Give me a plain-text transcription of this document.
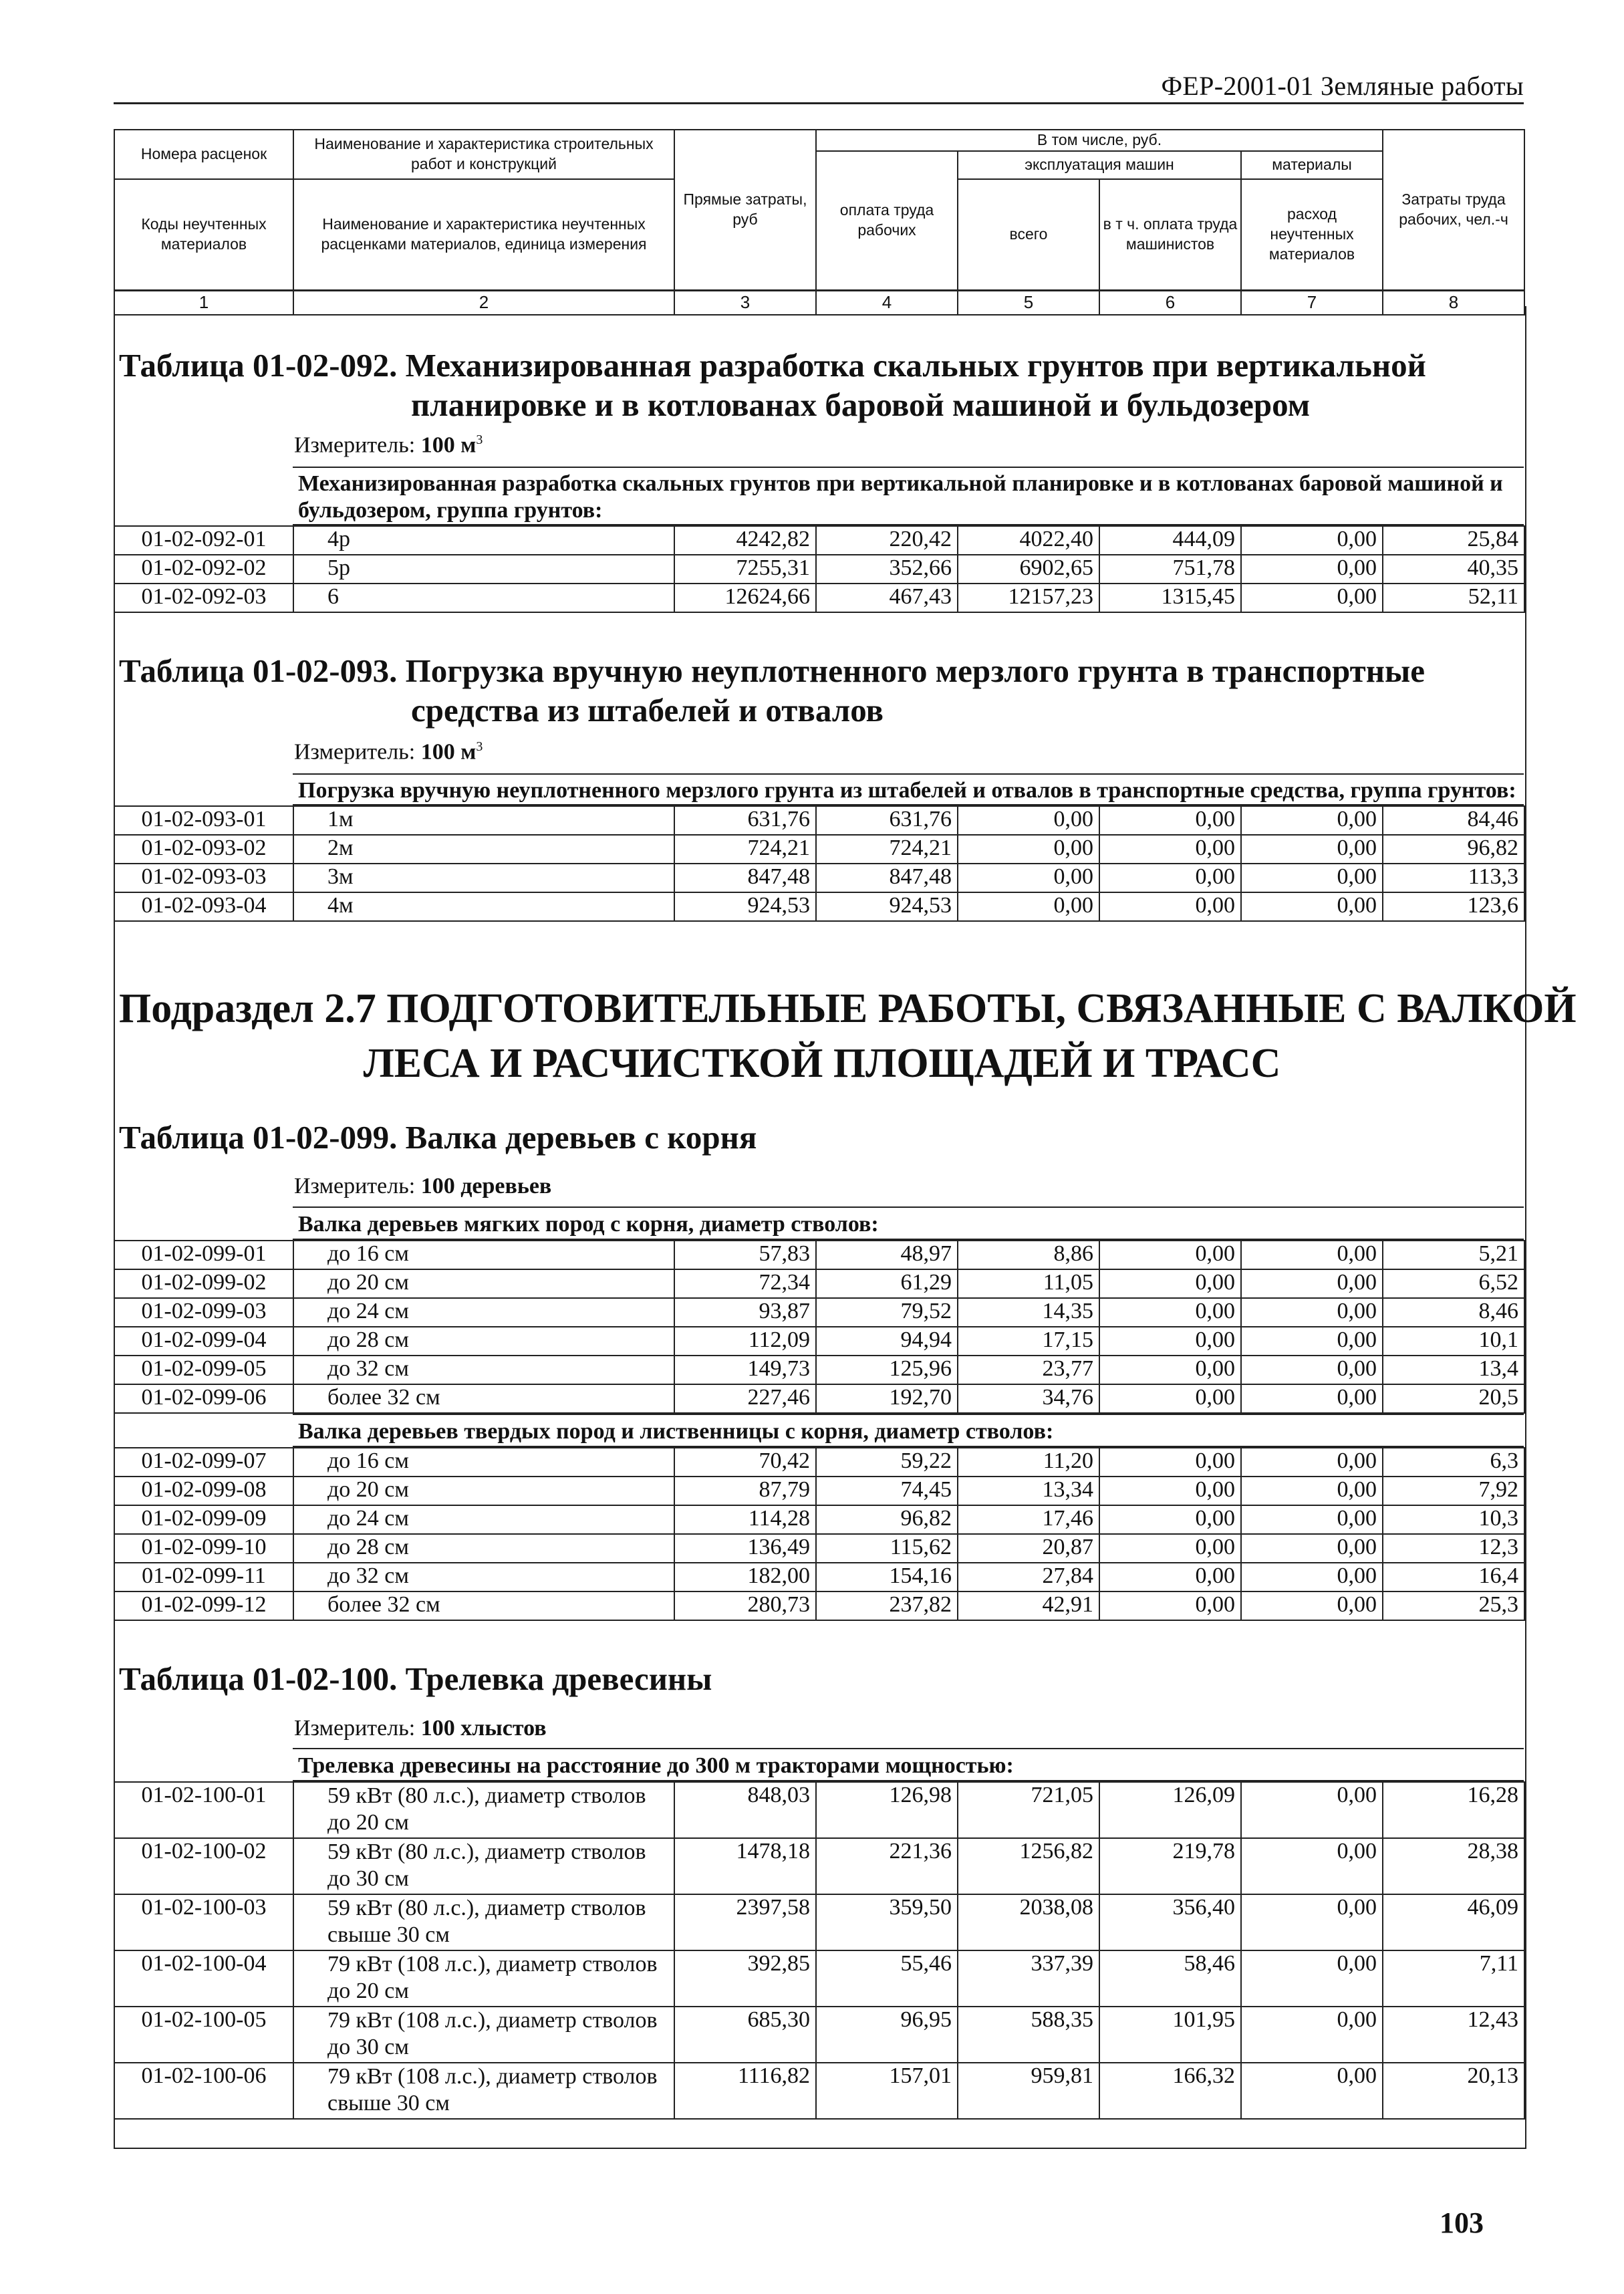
ФЕР-2001-01 Земляные работы
Номера расценок	Наименование и характеристика строительных работ и конструкций	Прямые затраты, руб	В том числе, руб.				Затраты труда рабочих, чел.-ч
			оплата труда рабочих	эксплуатация машин		материалы	
Коды неучтенных материалов	Наименование и характеристика неучтенных расценками материалов, единица измерения			всего	в т ч. оплата труда машинистов	расход неучтенных материалов	

1	2	3	4	5	6	7	8
Таблица 01-02-092. Механизированная разработка скальных грунтов при вертикальной
планировке и в котлованах баровой машиной и бульдозером
Измеритель: 100 $м^3$
Механизированная разработка скальных грунтов при вертикальной планировке и в котлованах баровой машиной и бульдозером, группа грунтов:
01-02-092-01	4р	4242,82	220,42	4022,40	444,09	0,00	25,84
01-02-092-02	5р	7255,31	352,66	6902,65	751,78	0,00	40,35
01-02-092-03	6	12624,66	467,43	12157,23	1315,45	0,00	52,11
Таблица 01-02-093. Погрузка вручную неуплотненного мерзлого грунта в транспортные
средства из штабелей и отвалов
Измеритель: 100 $м^3$
Погрузка вручную неуплотненного мерзлого грунта из штабелей и отвалов в транспортные средства, группа грунтов:
01-02-093-01	1м	631,76	631,76	0,00	0,00	0,00	84,46
01-02-093-02	2м	724,21	724,21	0,00	0,00	0,00	96,82
01-02-093-03	3м	847,48	847,48	0,00	0,00	0,00	113,3
01-02-093-04	4м	924,53	924,53	0,00	0,00	0,00	123,6
Подраздел 2.7 ПОДГОТОВИТЕЛЬНЫЕ РАБОТЫ, СВЯЗАННЫЕ С ВАЛКОЙ
ЛЕСА И РАСЧИСТКОЙ ПЛОЩАДЕЙ И ТРАСС
Таблица 01-02-099. Валка деревьев с корня
Измеритель: 100 деревьев
Валка деревьев мягких пород с корня, диаметр стволов:
01-02-099-01	до 16 см	57,83	48,97	8,86	0,00	0,00	5,21
01-02-099-02	до 20 см	72,34	61,29	11,05	0,00	0,00	6,52
01-02-099-03	до 24 см	93,87	79,52	14,35	0,00	0,00	8,46
01-02-099-04	до 28 см	112,09	94,94	17,15	0,00	0,00	10,1
01-02-099-05	до 32 см	149,73	125,96	23,77	0,00	0,00	13,4
01-02-099-06	более 32 см	227,46	192,70	34,76	0,00	0,00	20,5
Валка деревьев твердых пород и лиственницы с корня, диаметр стволов:
01-02-099-07	до 16 см	70,42	59,22	11,20	0,00	0,00	6,3
01-02-099-08	до 20 см	87,79	74,45	13,34	0,00	0,00	7,92
01-02-099-09	до 24 см	114,28	96,82	17,46	0,00	0,00	10,3
01-02-099-10	до 28 см	136,49	115,62	20,87	0,00	0,00	12,3
01-02-099-11	до 32 см	182,00	154,16	27,84	0,00	0,00	16,4
01-02-099-12	более 32 см	280,73	237,82	42,91	0,00	0,00	25,3
Таблица 01-02-100. Трелевка древесины
Измеритель: 100 хлыстов
Трелевка древесины на расстояние до 300 м тракторами мощностью:
01-02-100-01	59 кВт (80 л.с.), диаметр стволов до 20 см	848,03	126,98	721,05	126,09	0,00	16,28
01-02-100-02	59 кВт (80 л.с.), диаметр стволов до 30 см	1478,18	221,36	1256,82	219,78	0,00	28,38
01-02-100-03	59 кВт (80 л.с.), диаметр стволов свыше 30 см	2397,58	359,50	2038,08	356,40	0,00	46,09
01-02-100-04	79 кВт (108 л.с.), диаметр стволов до 20 см	392,85	55,46	337,39	58,46	0,00	7,11
01-02-100-05	79 кВт (108 л.с.), диаметр стволов до 30 см	685,30	96,95	588,35	101,95	0,00	12,43
01-02-100-06	79 кВт (108 л.с.), диаметр стволов свыше 30 см	1116,82	157,01	959,81	166,32	0,00	20,13
103
